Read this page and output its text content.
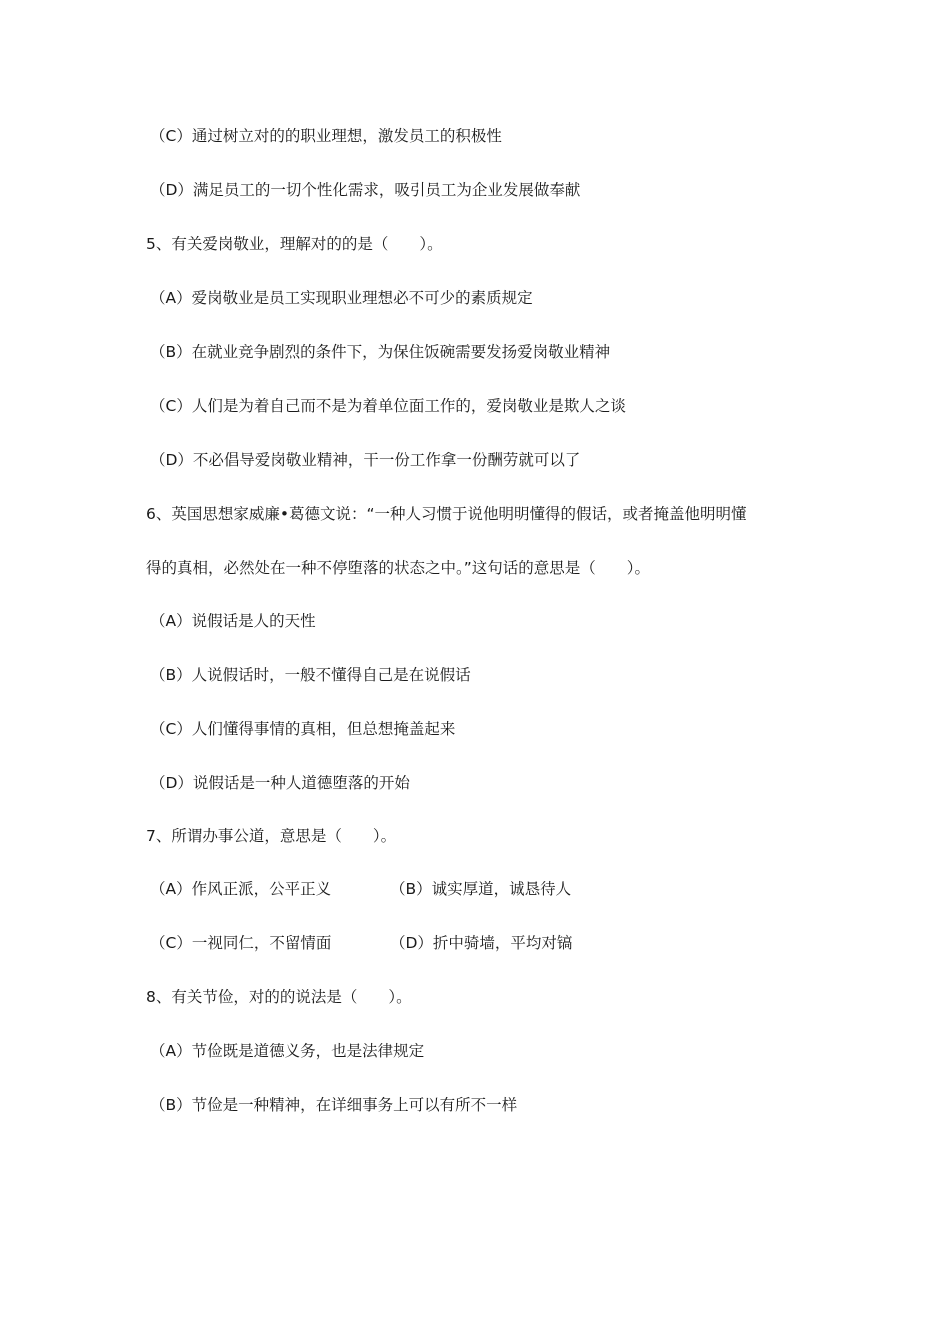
（C）通过树立对的的职业理想，激发员工的积极性
（D）满足员工的一切个性化需求，吸引员工为企业发展做奉献
5、有关爱岗敬业，理解对的的是（　　）。
（A）爱岗敬业是员工实现职业理想必不可少的素质规定
（B）在就业竞争剧烈的条件下，为保住饭碗需要发扬爱岗敬业精神
（C）人们是为着自己而不是为着单位面工作的，爱岗敬业是欺人之谈
（D）不必倡导爱岗敬业精神，干一份工作拿一份酬劳就可以了
6、英国思想家威廉•葛德文说：“一种人习惯于说他明明懂得的假话，或者掩盖他明明懂
得的真相，必然处在一种不停堕落的状态之中。”这句话的意思是（　　）。
（A）说假话是人的天性
（B）人说假话时，一般不懂得自己是在说假话
（C）人们懂得事情的真相，但总想掩盖起来
（D）说假话是一种人道德堕落的开始
7、所谓办事公道，意思是（　　）。
（A）作风正派，公平正义	（B）诚实厚道，诚恳待人
（C）一视同仁，不留情面	（D）折中骑墙，平均对镐
8、有关节俭，对的的说法是（　　）。
（A）节俭既是道德义务，也是法律规定
（B）节俭是一种精神，在详细事务上可以有所不一样
